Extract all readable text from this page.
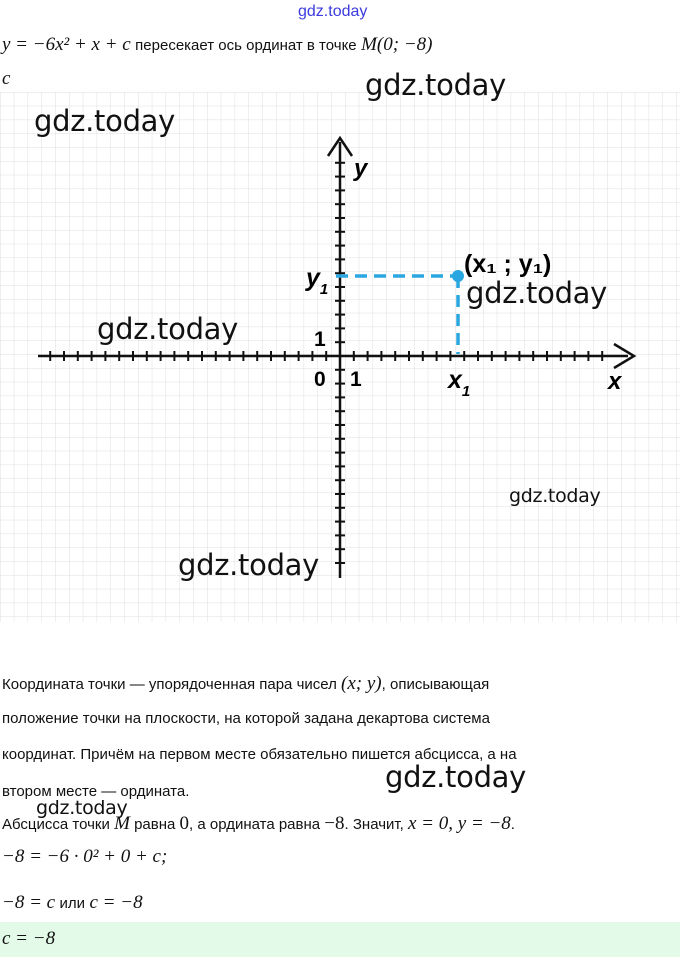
gdz.today
y = −6x² + x + c пересекает ось ординат в точке M(0; −8)
c
y
x
0 1
1
$y_1$
$x_1$
(x₁ ; y₁)
gdz.today
gdz.today
gdz.today
gdz.today
gdz.today
gdz.today
gdz.today
gdz.today
Координата точки — упорядоченная пара чисел (x; y), описывающая
положение точки на плоскости, на которой задана декартова система
координат. Причём на первом месте обязательно пишется абсцисса, а на
втором месте — ордината.
Абсцисса точки M равна 0, а ордината равна −8. Значит, x = 0, y = −8.
−8 = −6 · 0² + 0 + c;
−8 = c или c = −8
c = −8
